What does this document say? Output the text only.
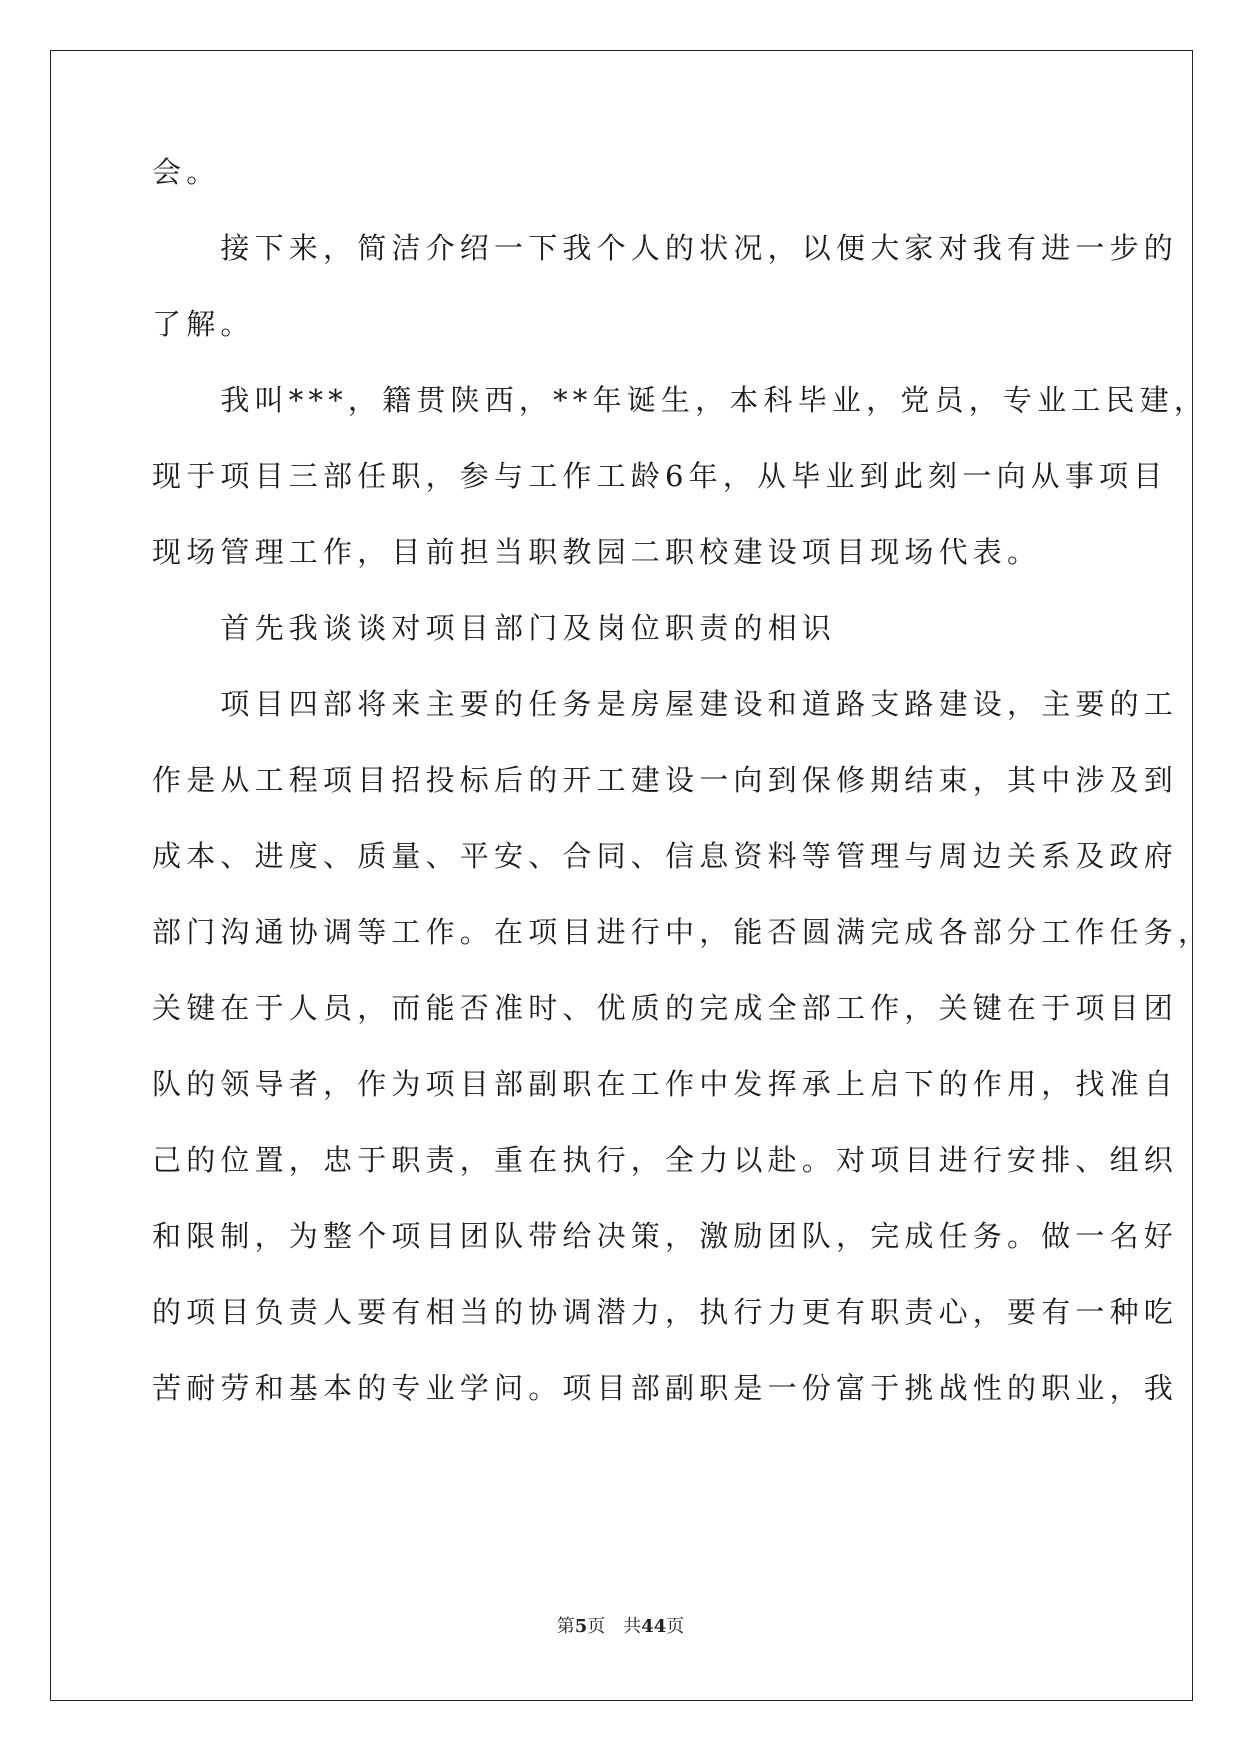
会。
　　接下来，简洁介绍一下我个人的状况，以便大家对我有进一步的
了解。
　　我叫***，籍贯陕西，**年诞生，本科毕业，党员，专业工民建，
现于项目三部任职，参与工作工龄6年，从毕业到此刻一向从事项目
现场管理工作，目前担当职教园二职校建设项目现场代表。
　　首先我谈谈对项目部门及岗位职责的相识
　　项目四部将来主要的任务是房屋建设和道路支路建设，主要的工
作是从工程项目招投标后的开工建设一向到保修期结束，其中涉及到
成本、进度、质量、平安、合同、信息资料等管理与周边关系及政府
部门沟通协调等工作。在项目进行中，能否圆满完成各部分工作任务，
关键在于人员，而能否准时、优质的完成全部工作，关键在于项目团
队的领导者，作为项目部副职在工作中发挥承上启下的作用，找准自
己的位置，忠于职责，重在执行，全力以赴。对项目进行安排、组织
和限制，为整个项目团队带给决策，激励团队，完成任务。做一名好
的项目负责人要有相当的协调潜力，执行力更有职责心，要有一种吃
苦耐劳和基本的专业学问。项目部副职是一份富于挑战性的职业，我
第5页 共44页
